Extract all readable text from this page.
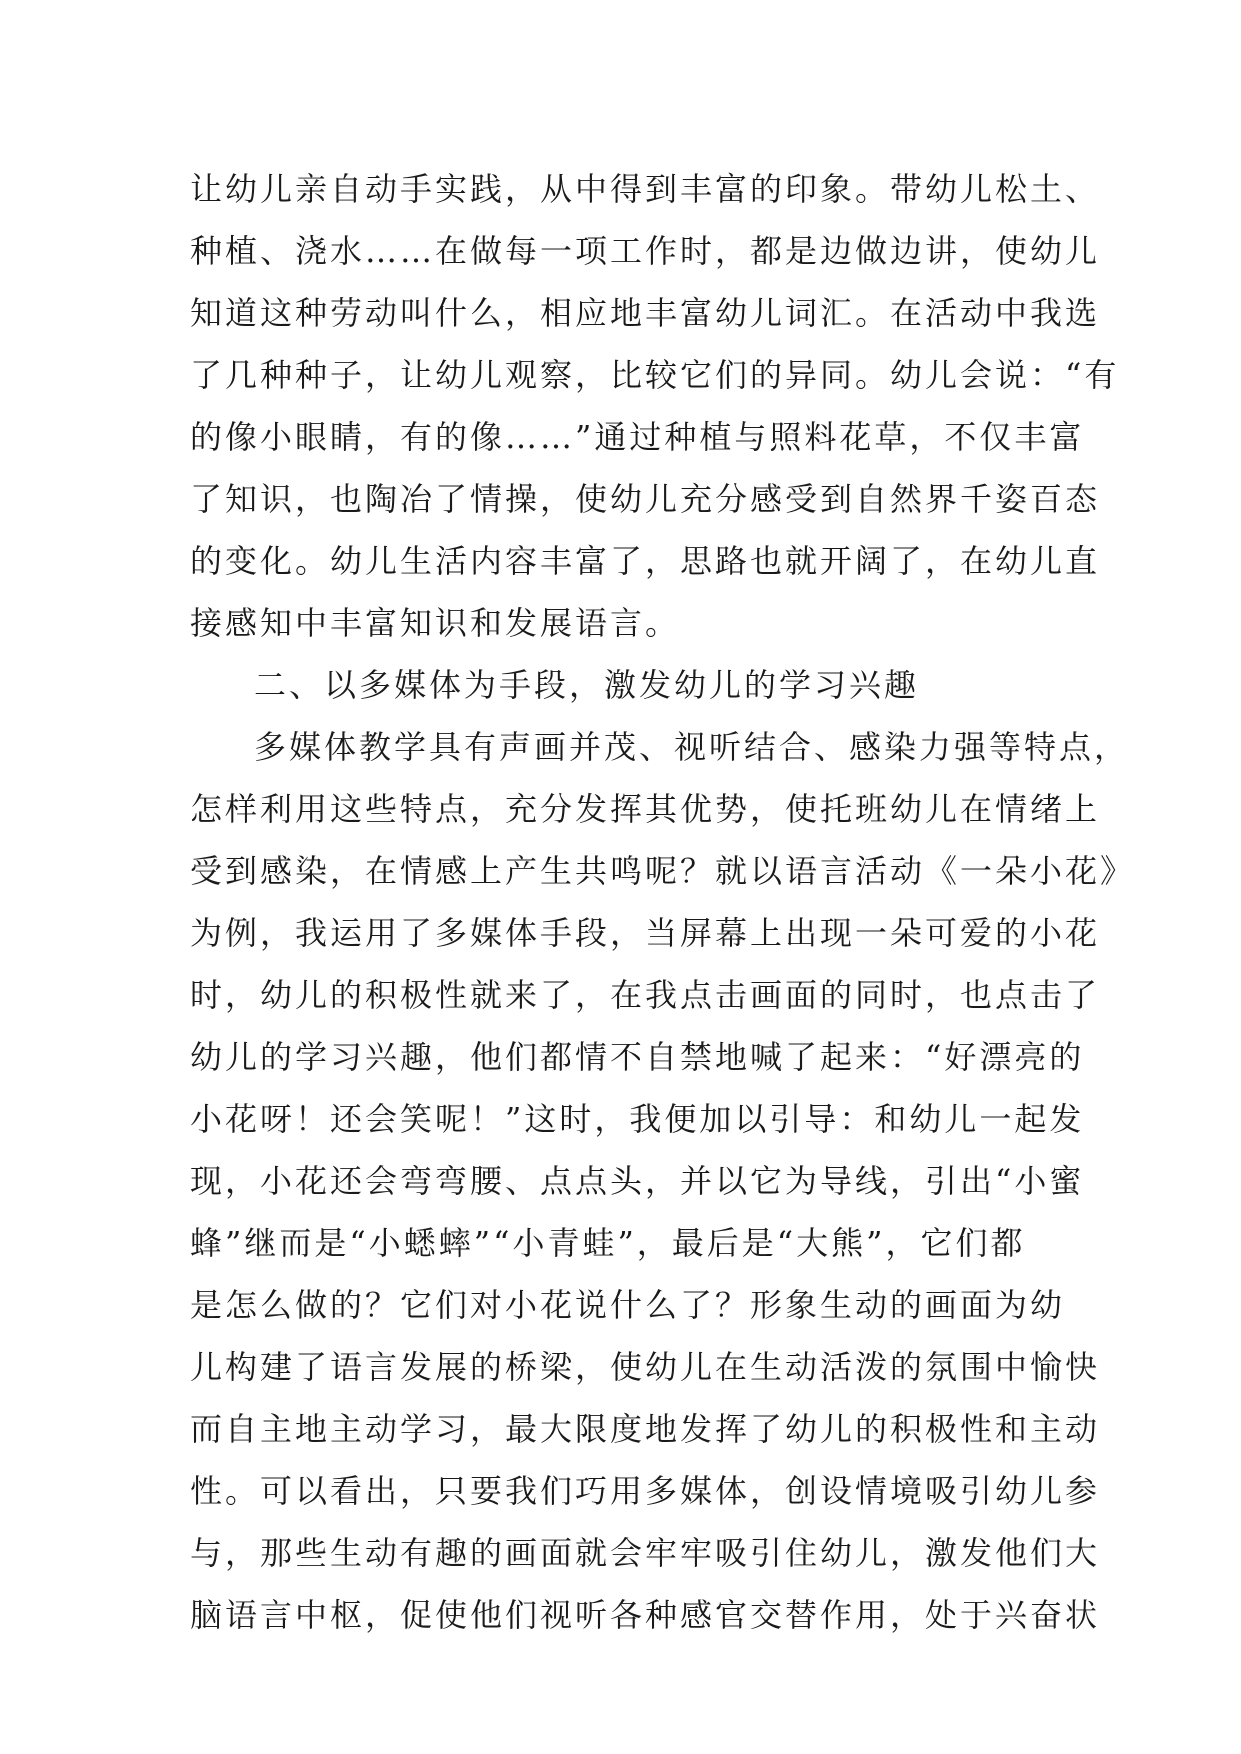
让幼儿亲自动手实践，从中得到丰富的印象。带幼儿松土、
种植、浇水……在做每一项工作时，都是边做边讲，使幼儿
知道这种劳动叫什么，相应地丰富幼儿词汇。在活动中我选
了几种种子，让幼儿观察，比较它们的异同。幼儿会说：“有
的像小眼睛，有的像……”通过种植与照料花草，不仅丰富
了知识，也陶冶了情操，使幼儿充分感受到自然界千姿百态
的变化。幼儿生活内容丰富了，思路也就开阔了，在幼儿直
接感知中丰富知识和发展语言。
二、以多媒体为手段，激发幼儿的学习兴趣
多媒体教学具有声画并茂、视听结合、感染力强等特点，
怎样利用这些特点，充分发挥其优势，使托班幼儿在情绪上
受到感染，在情感上产生共鸣呢？就以语言活动《一朵小花》
为例，我运用了多媒体手段，当屏幕上出现一朵可爱的小花
时，幼儿的积极性就来了，在我点击画面的同时，也点击了
幼儿的学习兴趣，他们都情不自禁地喊了起来：“好漂亮的
小花呀！还会笑呢！”这时，我便加以引导：和幼儿一起发
现，小花还会弯弯腰、点点头，并以它为导线，引出“小蜜
蜂”继而是“小蟋蟀”“小青蛙”，最后是“大熊”，它们都
是怎么做的？它们对小花说什么了？形象生动的画面为幼
儿构建了语言发展的桥梁，使幼儿在生动活泼的氛围中愉快
而自主地主动学习，最大限度地发挥了幼儿的积极性和主动
性。可以看出，只要我们巧用多媒体，创设情境吸引幼儿参
与，那些生动有趣的画面就会牢牢吸引住幼儿，激发他们大
脑语言中枢，促使他们视听各种感官交替作用，处于兴奋状
